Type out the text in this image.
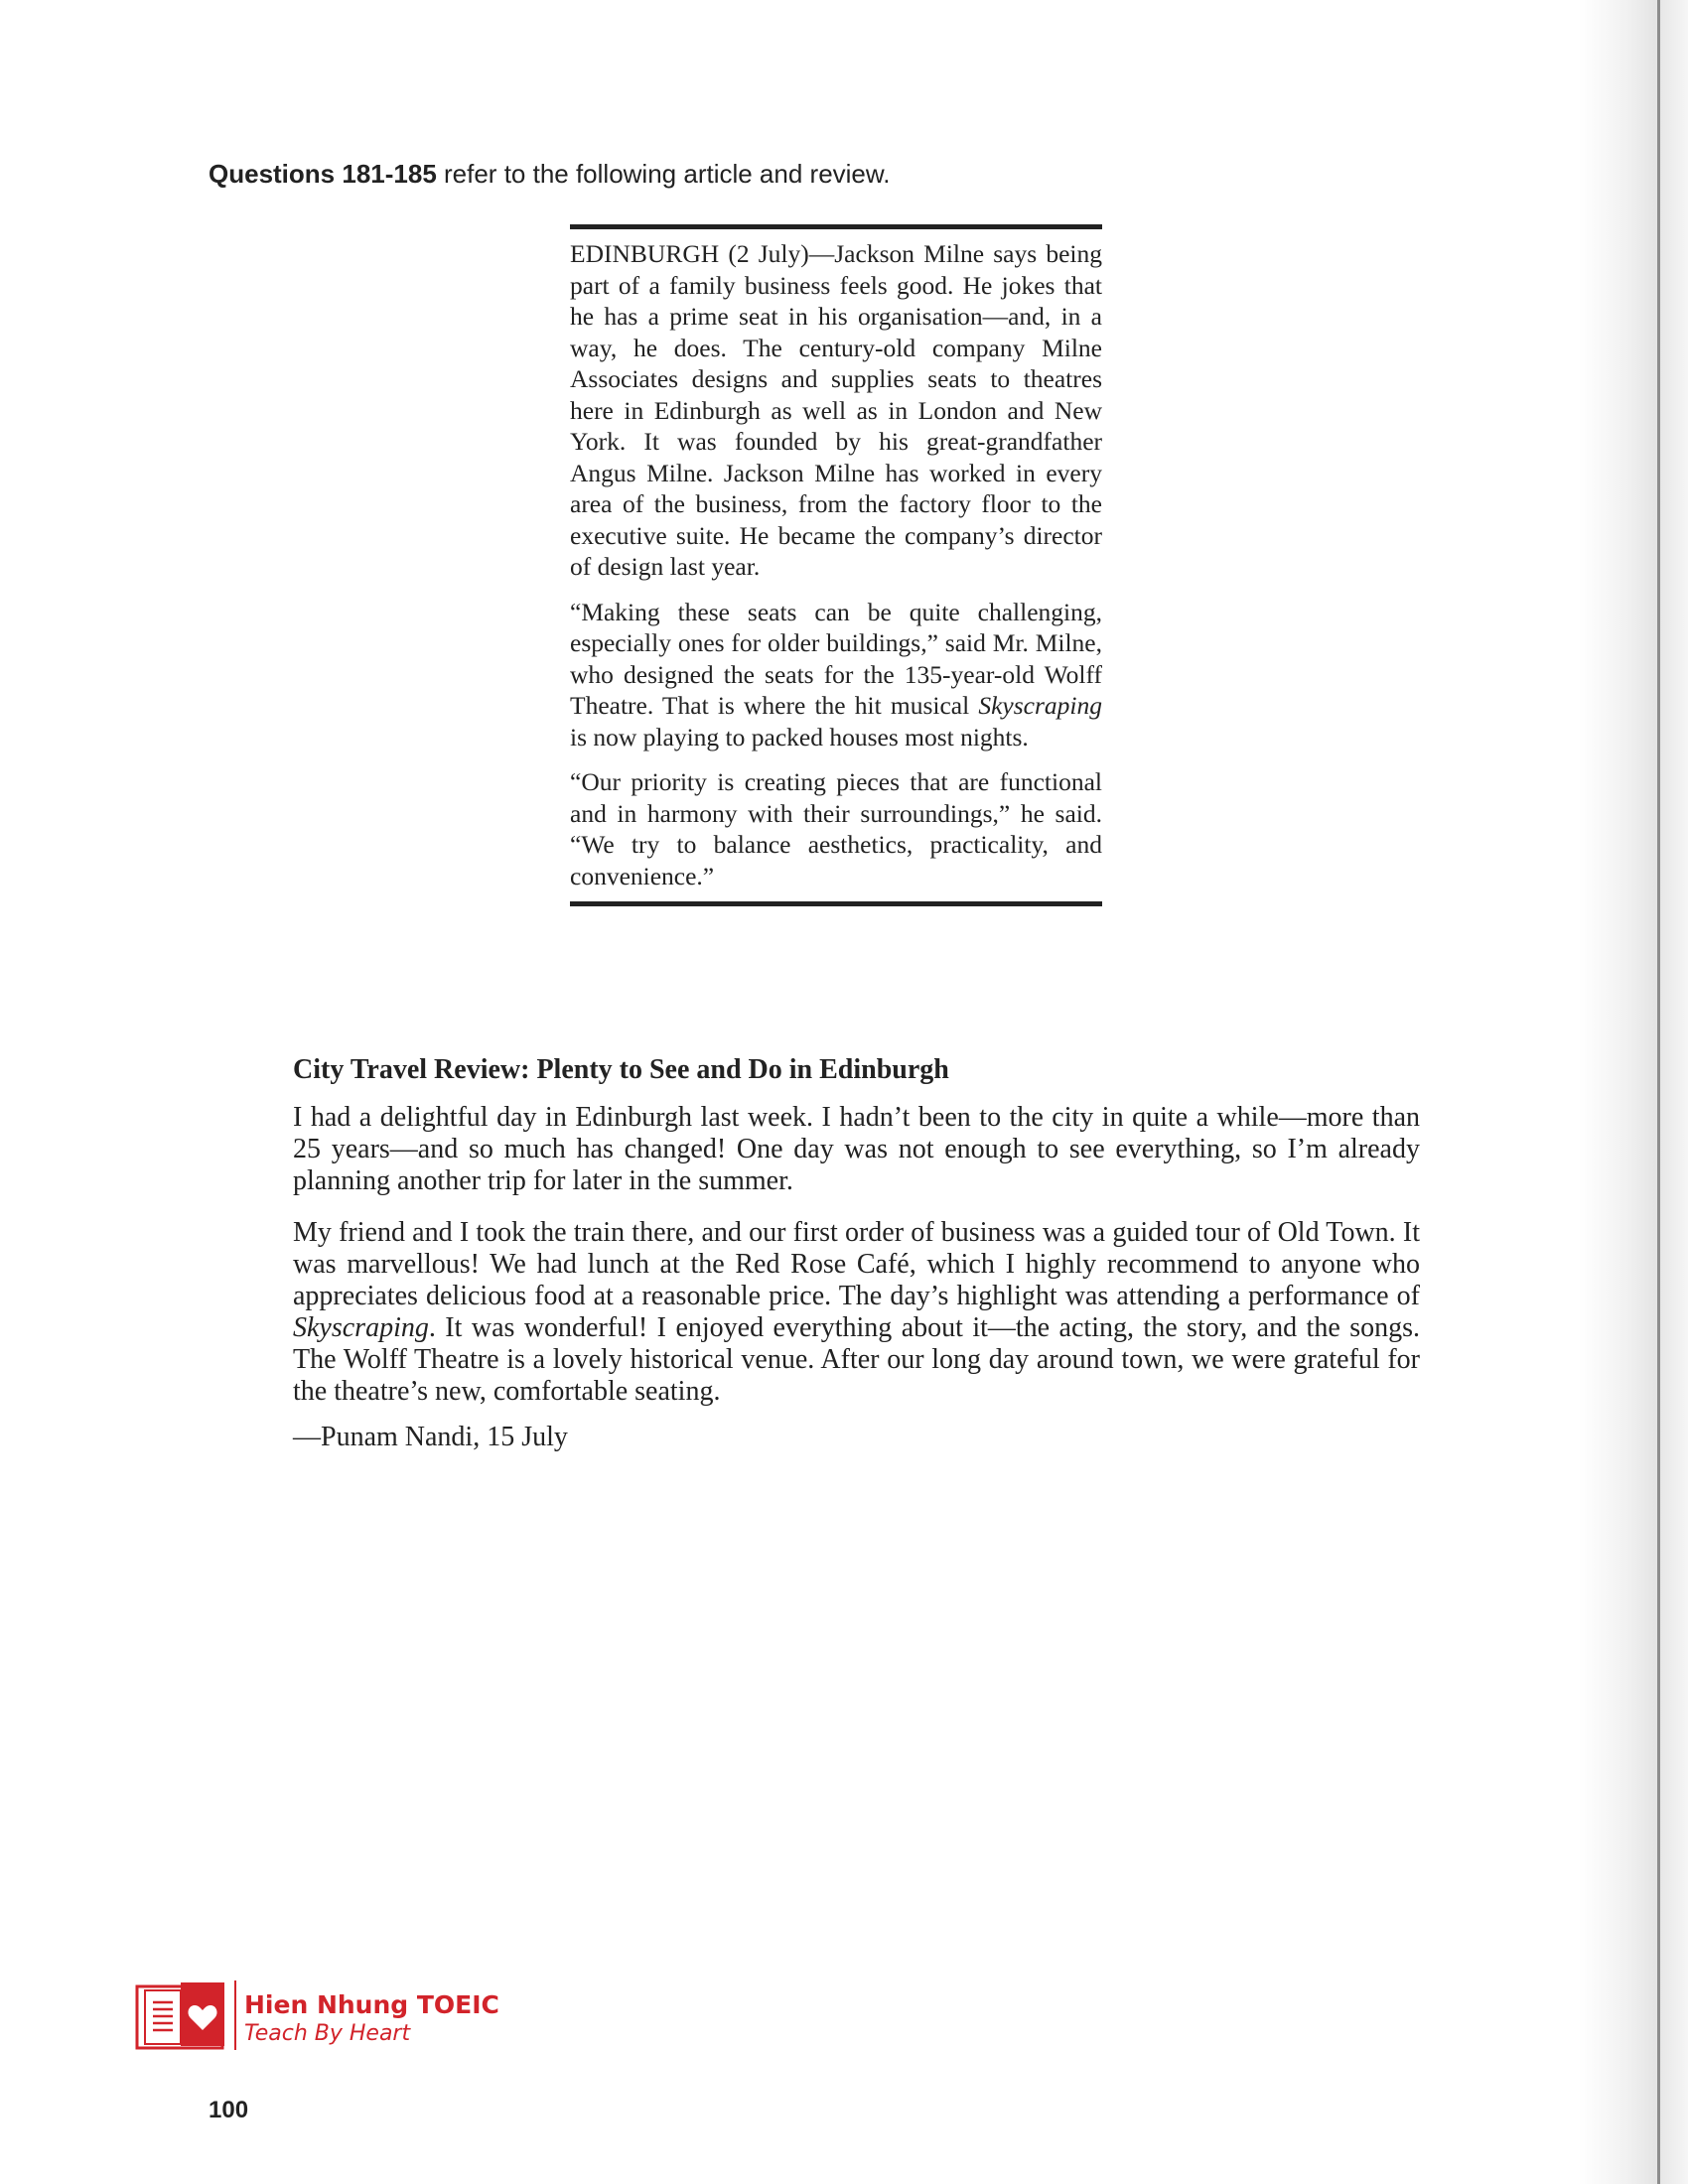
Questions 181-185 refer to the following article and review.

EDINBURGH (2 July)—Jackson Milne says being part of a family business feels good. He jokes that he has a prime seat in his organisation—and, in a way, he does. The century-old company Milne Associates designs and supplies seats to theatres here in Edinburgh as well as in London and New York. It was founded by his great-grandfather Angus Milne. Jackson Milne has worked in every area of the business, from the factory floor to the executive suite. He became the company’s director of design last year.

“Making these seats can be quite challenging, especially ones for older buildings,” said Mr. Milne, who designed the seats for the 135-year-old Wolff Theatre. That is where the hit musical Skyscraping is now playing to packed houses most nights.

“Our priority is creating pieces that are functional and in harmony with their surroundings,” he said. “We try to balance aesthetics, practicality, and convenience.”

City Travel Review: Plenty to See and Do in Edinburgh

I had a delightful day in Edinburgh last week. I hadn’t been to the city in quite a while—more than 25 years—and so much has changed! One day was not enough to see everything, so I’m already planning another trip for later in the summer.

My friend and I took the train there, and our first order of business was a guided tour of Old Town. It was marvellous! We had lunch at the Red Rose Café, which I highly recommend to anyone who appreciates delicious food at a reasonable price. The day’s highlight was attending a performance of Skyscraping. It was wonderful! I enjoyed everything about it—the acting, the story, and the songs. The Wolff Theatre is a lovely historical venue. After our long day around town, we were grateful for the theatre’s new, comfortable seating.

—Punam Nandi, 15 July

Hien Nhung TOEIC
Teach By Heart
100
